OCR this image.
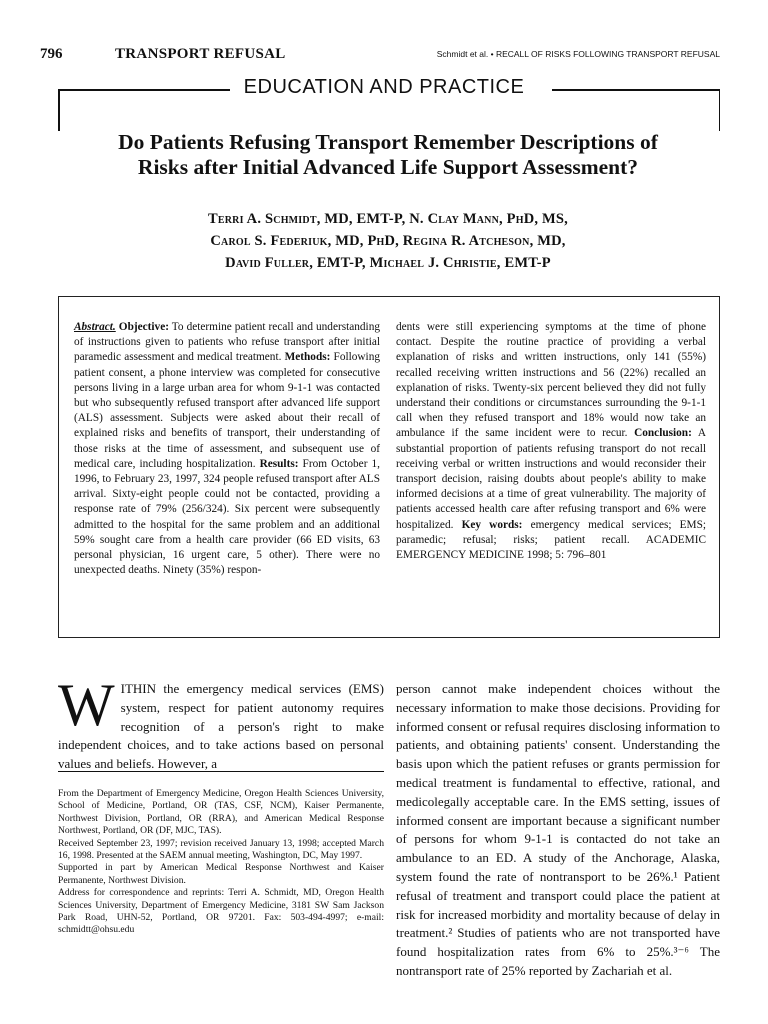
796	TRANSPORT REFUSAL	Schmidt et al. • RECALL OF RISKS FOLLOWING TRANSPORT REFUSAL
EDUCATION AND PRACTICE
Do Patients Refusing Transport Remember Descriptions of Risks after Initial Advanced Life Support Assessment?
Terri A. Schmidt, MD, EMT-P, N. Clay Mann, PhD, MS,
Carol S. Federiuk, MD, PhD, Regina R. Atcheson, MD,
David Fuller, EMT-P, Michael J. Christie, EMT-P

Abstract. Objective: To determine patient recall and understanding of instructions given to patients who refuse transport after initial paramedic assessment and medical treatment. Methods: Following patient consent, a phone interview was completed for consecutive persons living in a large urban area for whom 9-1-1 was contacted but who subsequently refused transport after advanced life support (ALS) assessment. Subjects were asked about their recall of explained risks and benefits of transport, their understanding of those risks at the time of assessment, and subsequent use of medical care, including hospitalization. Results: From October 1, 1996, to February 23, 1997, 324 people refused transport after ALS arrival. Sixty-eight people could not be contacted, providing a response rate of 79% (256/324). Six percent were subsequently admitted to the hospital for the same problem and an additional 59% sought care from a health care provider (66 ED visits, 63 personal physician, 16 urgent care, 5 other). There were no unexpected deaths. Ninety (35%) respon-

dents were still experiencing symptoms at the time of phone contact. Despite the routine practice of providing a verbal explanation of risks and written instructions, only 141 (55%) recalled receiving written instructions and 56 (22%) recalled an explanation of risks. Twenty-six percent believed they did not fully understand their conditions or circumstances surrounding the 9-1-1 call when they refused transport and 18% would now take an ambulance if the same incident were to recur. Conclusion: A substantial proportion of patients refusing transport do not recall receiving verbal or written instructions and would reconsider their transport decision, raising doubts about people's ability to make informed decisions at a time of great vulnerability. The majority of patients accessed health care after refusing transport and 6% were hospitalized. Key words: emergency medical services; EMS; paramedic; refusal; risks; patient recall. ACADEMIC EMERGENCY MEDICINE 1998; 5: 796–801

W ITHIN the emergency medical services (EMS) system, respect for patient autonomy requires recognition of a person's right to make independent choices, and to take actions based on personal values and beliefs. However, a

From the Department of Emergency Medicine, Oregon Health Sciences University, School of Medicine, Portland, OR (TAS, CSF, NCM), Kaiser Permanente, Northwest Division, Portland, OR (RRA), and American Medical Response Northwest, Portland, OR (DF, MJC, TAS).

Received September 23, 1997; revision received January 13, 1998; accepted March 16, 1998. Presented at the SAEM annual meeting, Washington, DC, May 1997.

Supported in part by American Medical Response Northwest and Kaiser Permanente, Northwest Division.

Address for correspondence and reprints: Terri A. Schmidt, MD, Oregon Health Sciences University, Department of Emergency Medicine, 3181 SW Sam Jackson Park Road, UHN-52, Portland, OR 97201. Fax: 503-494-4997; e-mail: schmidtt@ohsu.edu

person cannot make independent choices without the necessary information to make those decisions. Providing for informed consent or refusal requires disclosing information to patients, and obtaining patients' consent. Understanding the basis upon which the patient refuses or grants permission for medical treatment is fundamental to effective, rational, and medicolegally acceptable care. In the EMS setting, issues of informed consent are important because a significant number of persons for whom 9-1-1 is contacted do not take an ambulance to an ED. A study of the Anchorage, Alaska, system found the rate of nontransport to be 26%.¹ Patient refusal of treatment and transport could place the patient at risk for increased morbidity and mortality because of delay in treatment.² Studies of patients who are not transported have found hospitalization rates from 6% to 25%.³⁻⁶ The nontransport rate of 25% reported by Zachariah et al.
